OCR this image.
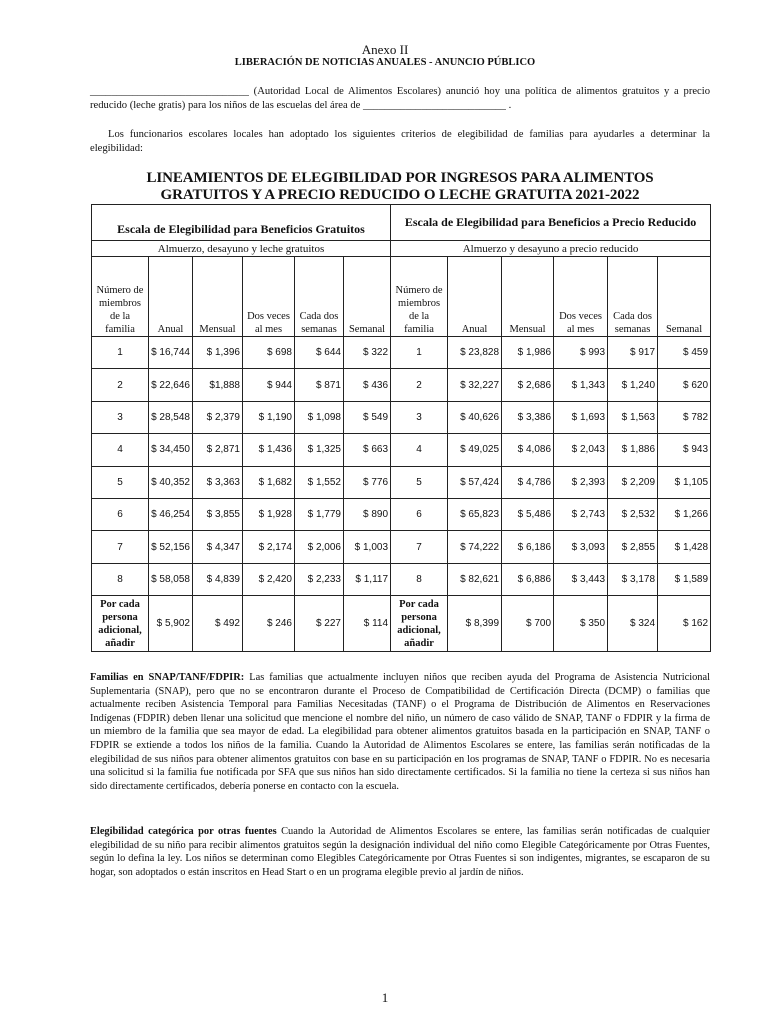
Anexo II
LIBERACIÓN DE NOTICIAS ANUALES - ANUNCIO PÚBLICO
______________________________ (Autoridad Local de Alimentos Escolares) anunció hoy una política de alimentos gratuitos y a precio reducido (leche gratis) para los niños de las escuelas del área de ___________________________ .
Los funcionarios escolares locales han adoptado los siguientes criterios de elegibilidad de familias para ayudarles a determinar la elegibilidad:
LINEAMIENTOS DE ELEGIBILIDAD POR INGRESOS PARA ALIMENTOS
GRATUITOS Y A PRECIO REDUCIDO O LECHE GRATUITA 2021-2022
Escala de Elegibilidad para Beneficios Gratuitos						Escala de Elegibilidad para Beneficios a Precio Reducido					
Almuerzo, desayuno y leche gratuitos						Almuerzo y desayuno a precio reducido					
Número de miembros de la familia	Anual	Mensual	Dos veces al mes	Cada dos semanas	Semanal	Número de miembros de la familia	Anual	Mensual	Dos veces al mes	Cada dos semanas	Semanal
1	$ 16,744	$ 1,396	$ 698	$ 644	$ 322	1	$ 23,828	$ 1,986	$ 993	$ 917	$ 459
2	$ 22,646	$1,888	$ 944	$ 871	$ 436	2	$ 32,227	$ 2,686	$ 1,343	$ 1,240	$ 620
3	$ 28,548	$ 2,379	$ 1,190	$ 1,098	$ 549	3	$ 40,626	$ 3,386	$ 1,693	$ 1,563	$ 782
4	$ 34,450	$ 2,871	$ 1,436	$ 1,325	$ 663	4	$ 49,025	$ 4,086	$ 2,043	$ 1,886	$ 943
5	$ 40,352	$ 3,363	$ 1,682	$ 1,552	$ 776	5	$ 57,424	$ 4,786	$ 2,393	$ 2,209	$ 1,105
6	$ 46,254	$ 3,855	$ 1,928	$ 1,779	$ 890	6	$ 65,823	$ 5,486	$ 2,743	$ 2,532	$ 1,266
7	$ 52,156	$ 4,347	$ 2,174	$ 2,006	$ 1,003	7	$ 74,222	$ 6,186	$ 3,093	$ 2,855	$ 1,428
8	$ 58,058	$ 4,839	$ 2,420	$ 2,233	$ 1,117	8	$ 82,621	$ 6,886	$ 3,443	$ 3,178	$ 1,589
Por cada persona adicional, añadir	$ 5,902	$ 492	$ 246	$ 227	$ 114	Por cada persona adicional, añadir	$ 8,399	$ 700	$ 350	$ 324	$ 162
Familias en SNAP/TANF/FDPIR: Las familias que actualmente incluyen niños que reciben ayuda del Programa de Asistencia Nutricional Suplementaria (SNAP), pero que no se encontraron durante el Proceso de Compatibilidad de Certificación Directa (DCMP) o familias que actualmente reciben Asistencia Temporal para Familias Necesitadas (TANF) o el Programa de Distribución de Alimentos en Reservaciones Indígenas (FDPIR) deben llenar una solicitud que mencione el nombre del niño, un número de caso válido de SNAP, TANF o FDPIR y la firma de un miembro de la familia que sea mayor de edad. La elegibilidad para obtener alimentos gratuitos basada en la participación en SNAP, TANF o FDPIR se extiende a todos los niños de la familia. Cuando la Autoridad de Alimentos Escolares se entere, las familias serán notificadas de la elegibilidad de sus niños para obtener alimentos gratuitos con base en su participación en los programas de SNAP, TANF o FDPIR. No es necesaria una solicitud si la familia fue notificada por SFA que sus niños han sido directamente certificados. Si la familia no tiene la certeza si sus niños han sido directamente certificados, debería ponerse en contacto con la escuela.
Elegibilidad categórica por otras fuentes Cuando la Autoridad de Alimentos Escolares se entere, las familias serán notificadas de cualquier elegibilidad de su niño para recibir alimentos gratuitos según la designación individual del niño como Elegible Categóricamente por Otras Fuentes, según lo defina la ley. Los niños se determinan como Elegibles Categóricamente por Otras Fuentes si son indigentes, migrantes, se escaparon de su hogar, son adoptados o están inscritos en Head Start o en un programa elegible previo al jardín de niños.
1
